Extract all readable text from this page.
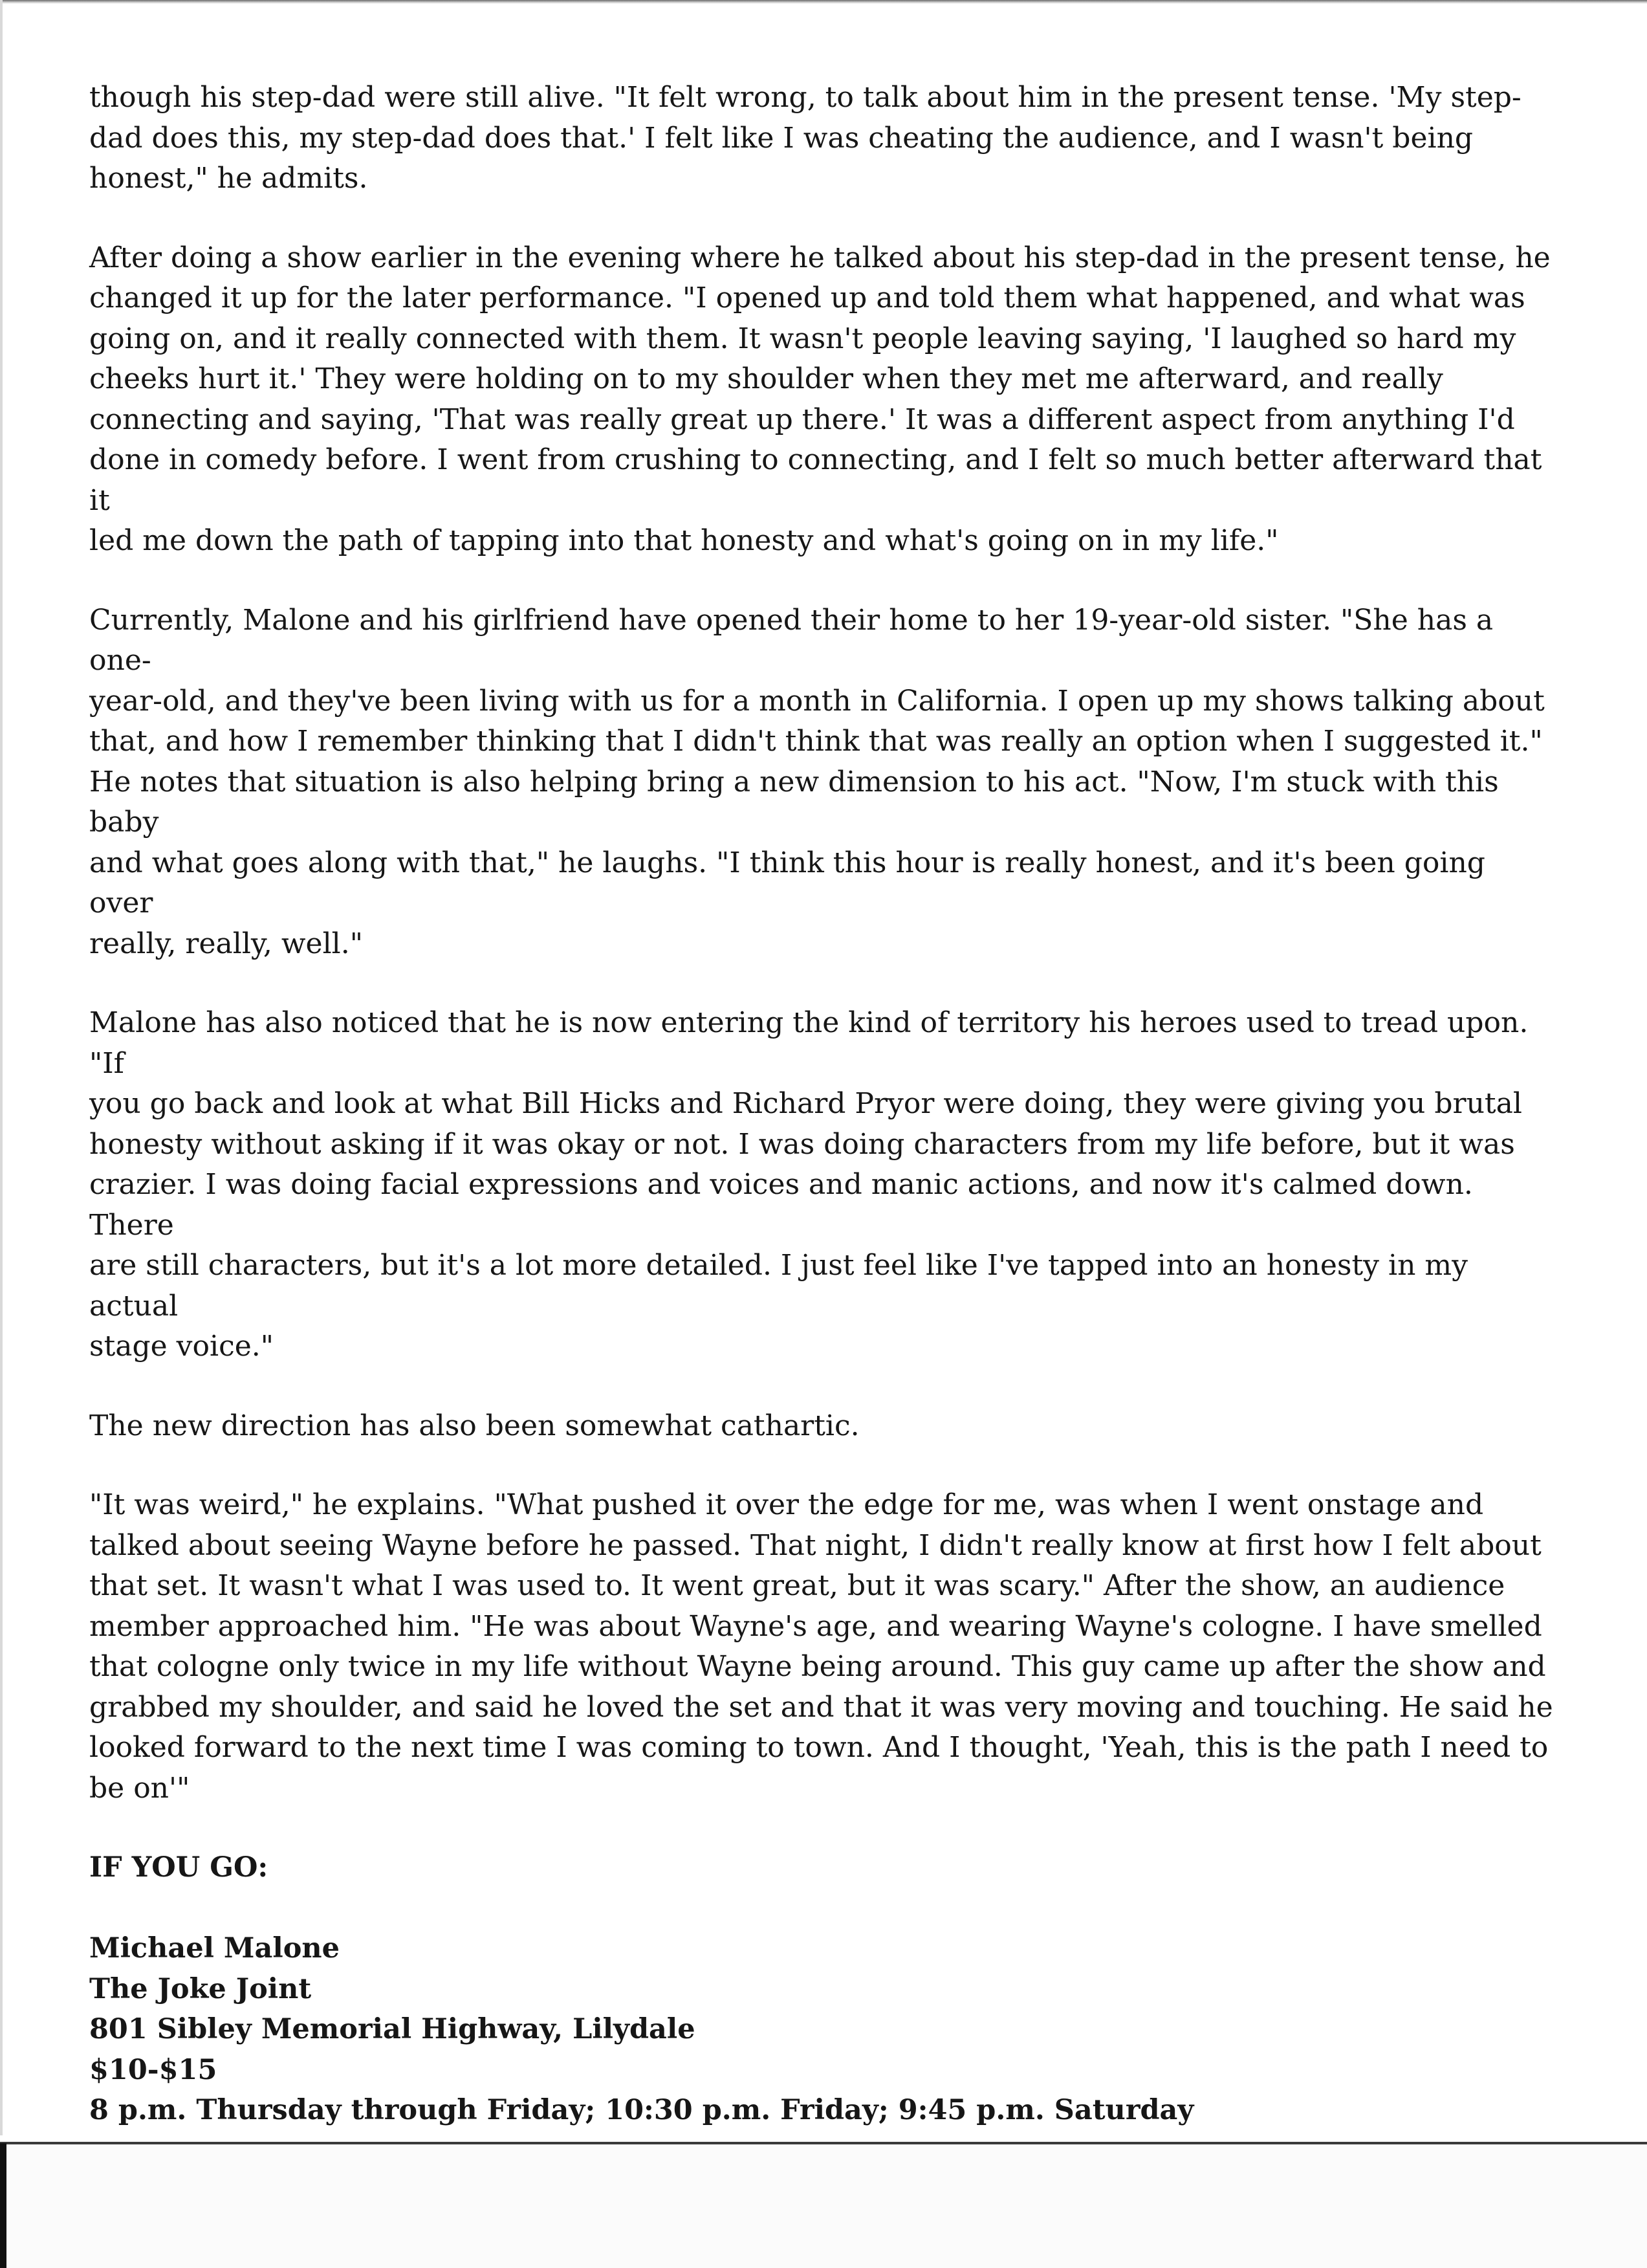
though his step-dad were still alive. "It felt wrong, to talk about him in the present tense. 'My step-
dad does this, my step-dad does that.' I felt like I was cheating the audience, and I wasn't being
honest," he admits.

After doing a show earlier in the evening where he talked about his step-dad in the present tense, he
changed it up for the later performance. "I opened up and told them what happened, and what was
going on, and it really connected with them. It wasn't people leaving saying, 'I laughed so hard my
cheeks hurt it.' They were holding on to my shoulder when they met me afterward, and really
connecting and saying, 'That was really great up there.' It was a different aspect from anything I'd
done in comedy before. I went from crushing to connecting, and I felt so much better afterward that it
led me down the path of tapping into that honesty and what's going on in my life."

Currently, Malone and his girlfriend have opened their home to her 19-year-old sister. "She has a one-
year-old, and they've been living with us for a month in California. I open up my shows talking about
that, and how I remember thinking that I didn't think that was really an option when I suggested it."
He notes that situation is also helping bring a new dimension to his act. "Now, I'm stuck with this baby
and what goes along with that," he laughs. "I think this hour is really honest, and it's been going over
really, really, well."

Malone has also noticed that he is now entering the kind of territory his heroes used to tread upon. "If
you go back and look at what Bill Hicks and Richard Pryor were doing, they were giving you brutal
honesty without asking if it was okay or not. I was doing characters from my life before, but it was
crazier. I was doing facial expressions and voices and manic actions, and now it's calmed down. There
are still characters, but it's a lot more detailed. I just feel like I've tapped into an honesty in my actual
stage voice."

The new direction has also been somewhat cathartic.

"It was weird," he explains. "What pushed it over the edge for me, was when I went onstage and
talked about seeing Wayne before he passed. That night, I didn't really know at first how I felt about
that set. It wasn't what I was used to. It went great, but it was scary." After the show, an audience
member approached him. "He was about Wayne's age, and wearing Wayne's cologne. I have smelled
that cologne only twice in my life without Wayne being around. This guy came up after the show and
grabbed my shoulder, and said he loved the set and that it was very moving and touching. He said he
looked forward to the next time I was coming to town. And I thought, 'Yeah, this is the path I need to
be on'"

IF YOU GO:
Michael Malone
The Joke Joint
801 Sibley Memorial Highway, Lilydale
$10-$15
8 p.m. Thursday through Friday; 10:30 p.m. Friday; 9:45 p.m. Saturday
